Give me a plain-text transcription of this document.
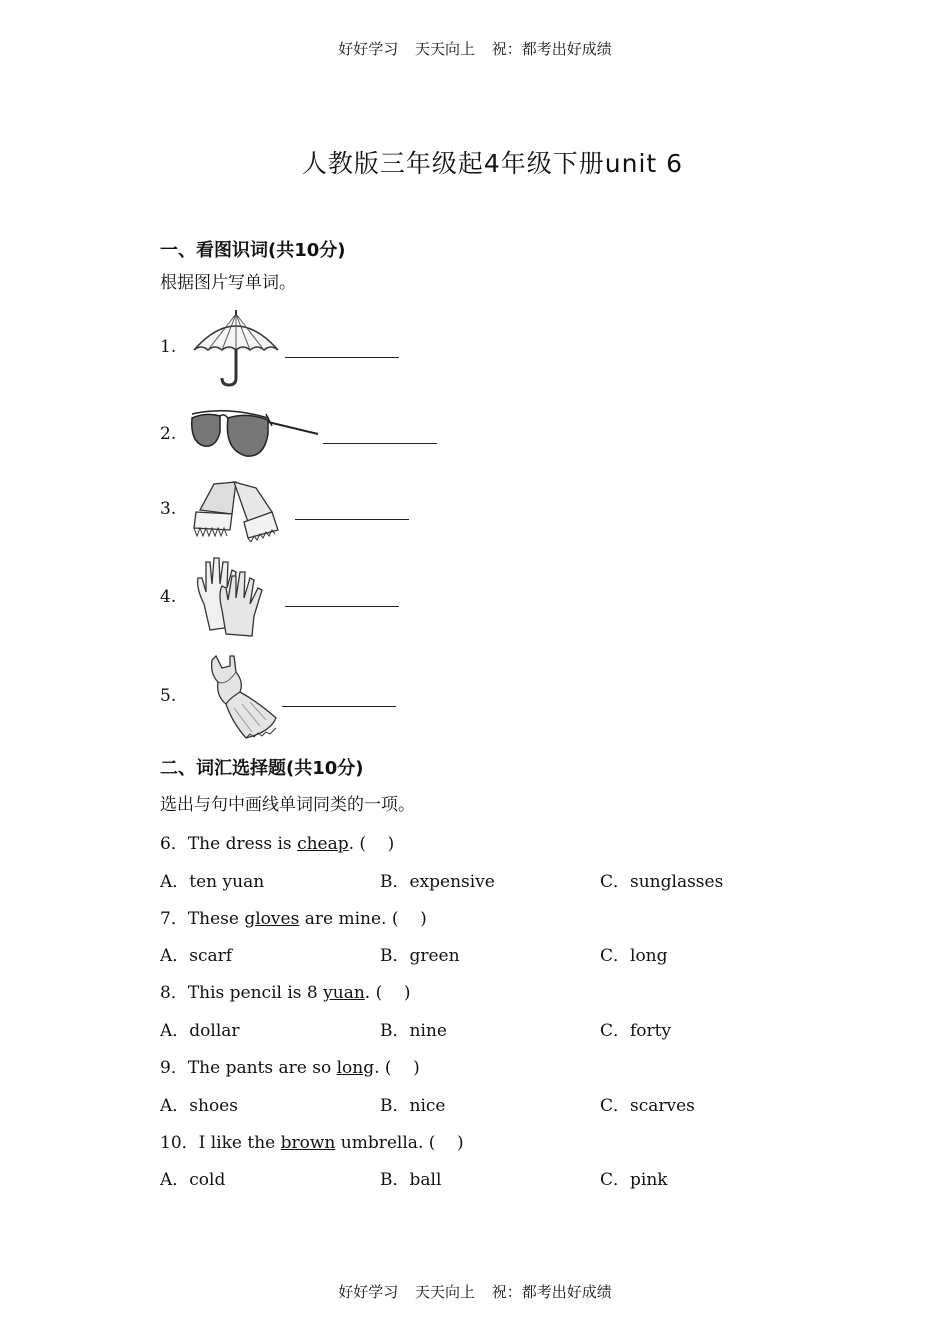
好好学习 天天向上 祝：都考出好成绩
人教版三年级起4年级下册unit 6
一、看图识词(共10分)
根据图片写单词。
1.
2.
3.
4.
5.
二、词汇选择题(共10分)
选出与句中画线单词同类的一项。
6．The dress is cheap. (    )
A．ten yuan	B．expensive	C．sunglasses
7．These gloves are mine. (    )
A．scarf	B．green	C．long
8．This pencil is 8 yuan. (    )
A．dollar	B．nine	C．forty
9．The pants are so long. (    )
A．shoes	B．nice	C．scarves
10．I like the brown umbrella. (    )
A．cold	B．ball	C．pink
好好学习 天天向上 祝：都考出好成绩
